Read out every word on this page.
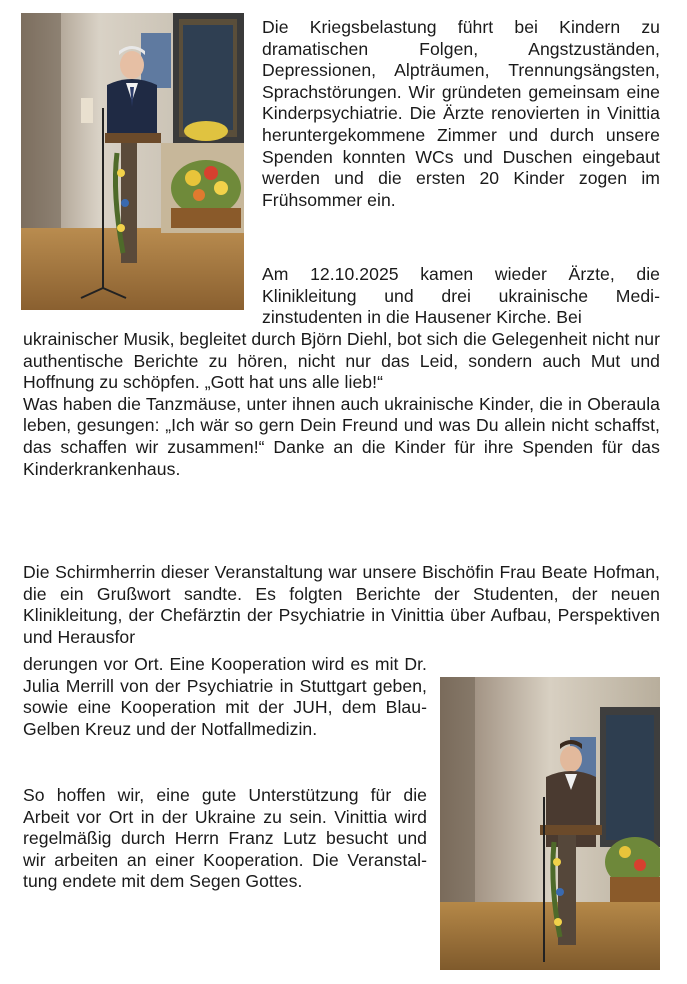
Die Kriegsbelastung führt bei Kindern zu dramatischen Folgen, Angstzuständen, Depressionen, Alpträumen, Trennungsängsten, Sprachstörungen. Wir gründeten gemeinsam eine Kinderpsychiatrie. Die Ärzte renovierten in Vinittia heruntergekommene Zimmer und durch unsere Spenden konnten WCs und Duschen eingebaut werden und die ersten 20 Kinder zogen im Frühsommer ein.

Am 12.10.2025 kamen wieder Ärzte, die Klinikleitung und drei ukrainische Medizinstudenten in die Hausener Kirche. Bei

ukrainischer Musik, begleitet durch Björn Diehl, bot sich die Gelegenheit nicht nur authentische Berichte zu hören, nicht nur das Leid, sondern auch Mut und Hoffnung zu schöpfen. „Gott hat uns alle lieb!“

Was haben die Tanzmäuse, unter ihnen auch ukrainische Kinder, die in Oberaula leben, gesungen: „Ich wär so gern Dein Freund und was Du allein nicht schaffst, das schaffen wir zusammen!“ Danke an die Kinder für ihre Spenden für das Kinderkrankenhaus.

Die Schirmherrin dieser Veranstaltung war unsere Bischöfin Frau Beate Hofman, die ein Grußwort sandte. Es folgten Berichte der Studenten, der neuen Klinikleitung, der Chefärztin der Psychiatrie in Vinittia über Aufbau, Perspektiven und Herausfor

derungen vor Ort. Eine Kooperation wird es mit Dr. Julia Merrill von der Psychiatrie in Stuttgart geben, sowie eine Kooperation mit der JUH, dem Blau-Gelben Kreuz und der Notfallmedizin.

So hoffen wir, eine gute Unterstützung für die Arbeit vor Ort in der Ukraine zu sein. Vinittia wird regelmäßig durch Herrn Franz Lutz besucht und wir arbeiten an einer Kooperation. Die Veranstaltung endete mit dem Segen Gottes.
